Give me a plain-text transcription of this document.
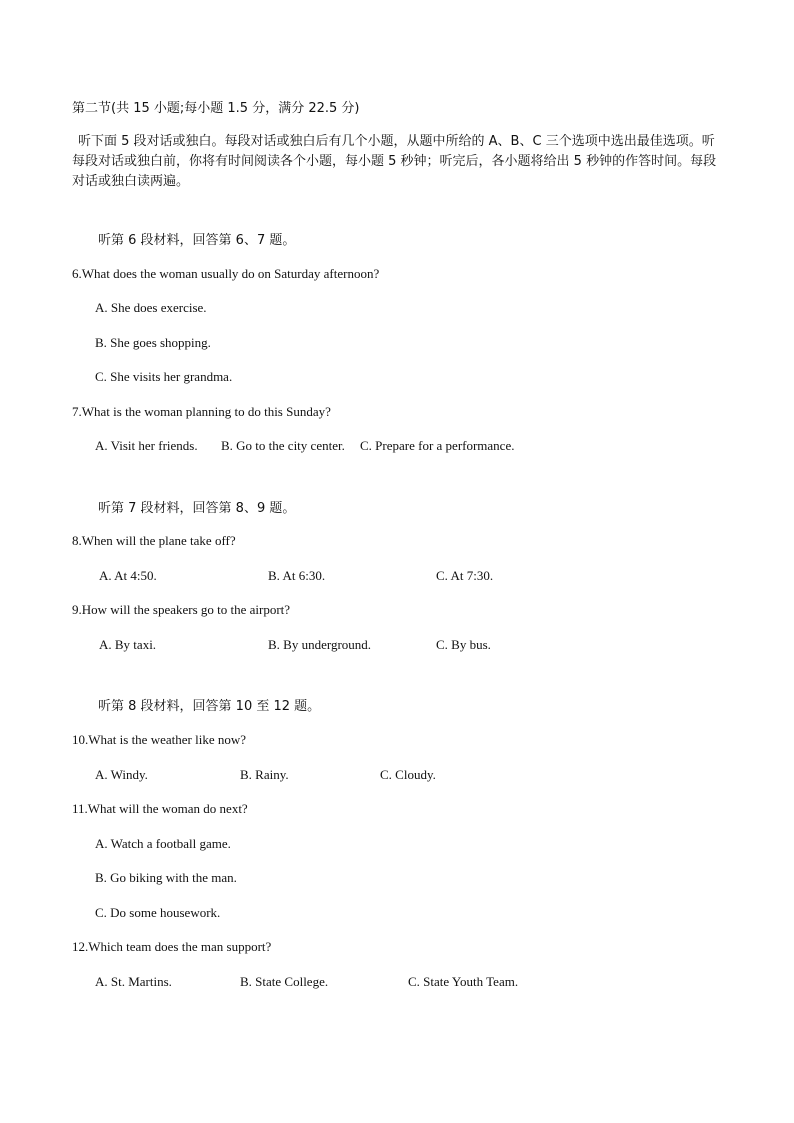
第二节(共 15 小题;每小题 1.5 分，满分 22.5 分)
听下面 5 段对话或独白。每段对话或独白后有几个小题，从题中所给的 A、B、C 三个选项中选出最佳选项。听每段对话或独白前，你将有时间阅读各个小题，每小题 5 秒钟；听完后，各小题将给出 5 秒钟的作答时间。每段对话或独白读两遍。
听第 6 段材料，回答第 6、7 题。
6.What does the woman usually do on Saturday afternoon?
A. She does exercise.
B. She goes shopping.
C. She visits her grandma.
7.What is the woman planning to do this Sunday?
A. Visit her friends. B. Go to the city center. C. Prepare for a performance.
听第 7 段材料，回答第 8、9 题。
8.When will the plane take off?
A. At 4:50.	B. At 6:30.	C. At 7:30.
9.How will the speakers go to the airport?
A. By taxi.	B. By underground.	C. By bus.
听第 8 段材料，回答第 10 至 12 题。
10.What is the weather like now?
A. Windy.	B. Rainy.	C. Cloudy.
11.What will the woman do next?
A. Watch a football game.
B. Go biking with the man.
C. Do some housework.
12.Which team does the man support?
A. St. Martins.	B. State College.	C. State Youth Team.
